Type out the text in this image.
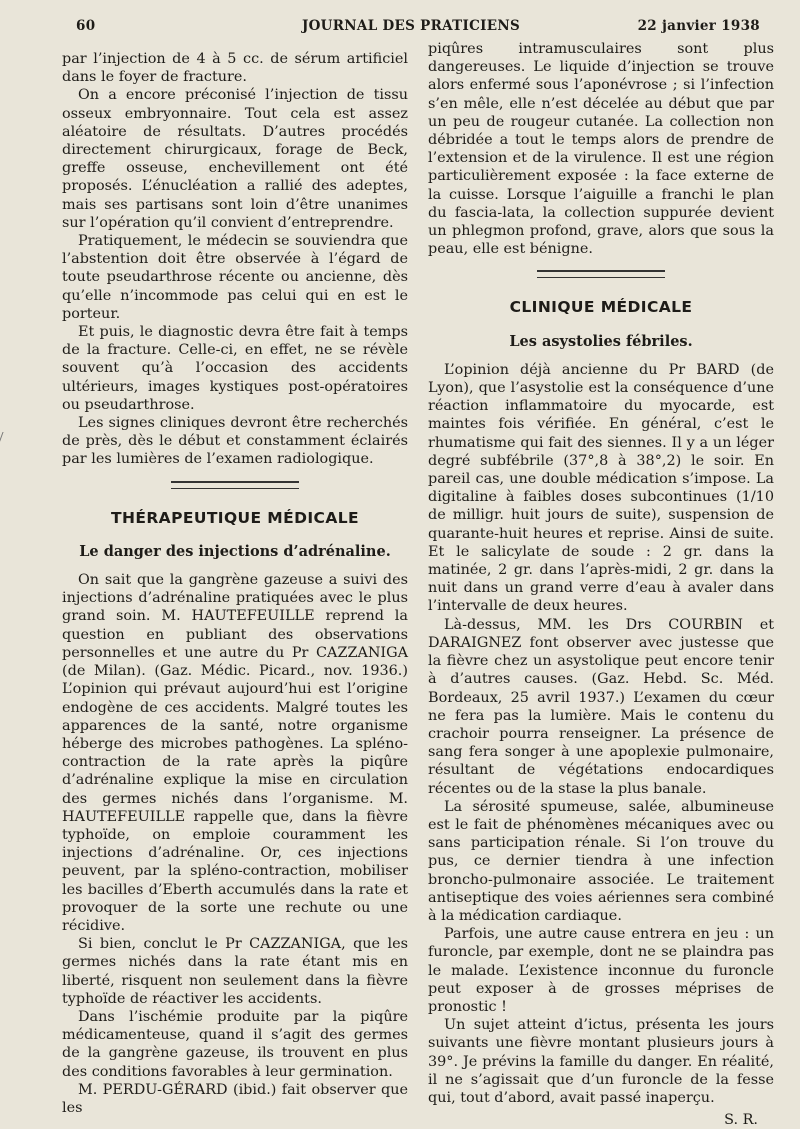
60	JOURNAL DES PRATICIENS	22 janvier 1938

par l’injection de 4 à 5 cc. de sérum artificiel dans le foyer de fracture.

On a encore préconisé l’injection de tissu osseux embryonnaire. Tout cela est assez aléatoire de résultats. D’autres procédés directement chirurgicaux, forage de Beck, greffe osseuse, enchevillement ont été proposés. L’énucléation a rallié des adeptes, mais ses partisans sont loin d’être unanimes sur l’opération qu’il convient d’entreprendre.

Pratiquement, le médecin se souviendra que l’abstention doit être observée à l’égard de toute pseudarthrose récente ou ancienne, dès qu’elle n’incommode pas celui qui en est le porteur.

Et puis, le diagnostic devra être fait à temps de la fracture. Celle-ci, en effet, ne se révèle souvent qu’à l’occasion des accidents ultérieurs, images kystiques post-opératoires ou pseudarthrose.

Les signes cliniques devront être recherchés de près, dès le début et constamment éclairés par les lumières de l’examen radiologique.

THÉRAPEUTIQUE MÉDICALE
Le danger des injections d’adrénaline.

On sait que la gangrène gazeuse a suivi des injections d’adrénaline pratiquées avec le plus grand soin. M. HAUTEFEUILLE reprend la question en publiant des observations personnelles et une autre du Pr CAZZANIGA (de Milan). (Gaz. Médic. Picard., nov. 1936.) L’opinion qui prévaut aujourd’hui est l’origine endogène de ces accidents. Malgré toutes les apparences de la santé, notre organisme héberge des microbes pathogènes. La spléno-contraction de la rate après la piqûre d’adrénaline explique la mise en circulation des germes nichés dans l’organisme. M. HAUTEFEUILLE rappelle que, dans la fièvre typhoïde, on emploie couramment les injections d’adrénaline. Or, ces injections peuvent, par la spléno-contraction, mobiliser les bacilles d’Eberth accumulés dans la rate et provoquer de la sorte une rechute ou une récidive.

Si bien, conclut le Pr CAZZANIGA, que les germes nichés dans la rate étant mis en liberté, risquent non seulement dans la fièvre typhoïde de réactiver les accidents.

Dans l’ischémie produite par la piqûre médicamenteuse, quand il s’agit des germes de la gangrène gazeuse, ils trouvent en plus des conditions favorables à leur germination.

M. PERDU-GÉRARD (ibid.) fait observer que les

piqûres intramusculaires sont plus dangereuses. Le liquide d’injection se trouve alors enfermé sous l’aponévrose ; si l’infection s’en mêle, elle n’est décelée au début que par un peu de rougeur cutanée. La collection non débridée a tout le temps alors de prendre de l’extension et de la virulence. Il est une région particulièrement exposée : la face externe de la cuisse. Lorsque l’aiguille a franchi le plan du fascia-lata, la collection suppurée devient un phlegmon profond, grave, alors que sous la peau, elle est bénigne.

CLINIQUE MÉDICALE
Les asystolies fébriles.

L’opinion déjà ancienne du Pr BARD (de Lyon), que l’asystolie est la conséquence d’une réaction inflammatoire du myocarde, est maintes fois vérifiée. En général, c’est le rhumatisme qui fait des siennes. Il y a un léger degré subfébrile (37°,8 à 38°,2) le soir. En pareil cas, une double médication s’impose. La digitaline à faibles doses subcontinues (1/10 de milligr. huit jours de suite), suspension de quarante-huit heures et reprise. Ainsi de suite. Et le salicylate de soude : 2 gr. dans la matinée, 2 gr. dans l’après-midi, 2 gr. dans la nuit dans un grand verre d’eau à avaler dans l’intervalle de deux heures.

Là-dessus, MM. les Drs COURBIN et DARAIGNEZ font observer avec justesse que la fièvre chez un asystolique peut encore tenir à d’autres causes. (Gaz. Hebd. Sc. Méd. Bordeaux, 25 avril 1937.) L’examen du cœur ne fera pas la lumière. Mais le contenu du crachoir pourra renseigner. La présence de sang fera songer à une apoplexie pulmonaire, résultant de végétations endocardiques récentes ou de la stase la plus banale.

La sérosité spumeuse, salée, albumineuse est le fait de phénomènes mécaniques avec ou sans participation rénale. Si l’on trouve du pus, ce dernier tiendra à une infection broncho-pulmonaire associée. Le traitement antiseptique des voies aériennes sera combiné à la médication cardiaque.

Parfois, une autre cause entrera en jeu : un furoncle, par exemple, dont ne se plaindra pas le malade. L’existence inconnue du furoncle peut exposer à de grosses méprises de pronostic !

Un sujet atteint d’ictus, présenta les jours suivants une fièvre montant plusieurs jours à 39°. Je prévins la famille du danger. En réalité, il ne s’agissait que d’un furoncle de la fesse qui, tout d’abord, avait passé inaperçu.

S. R.
